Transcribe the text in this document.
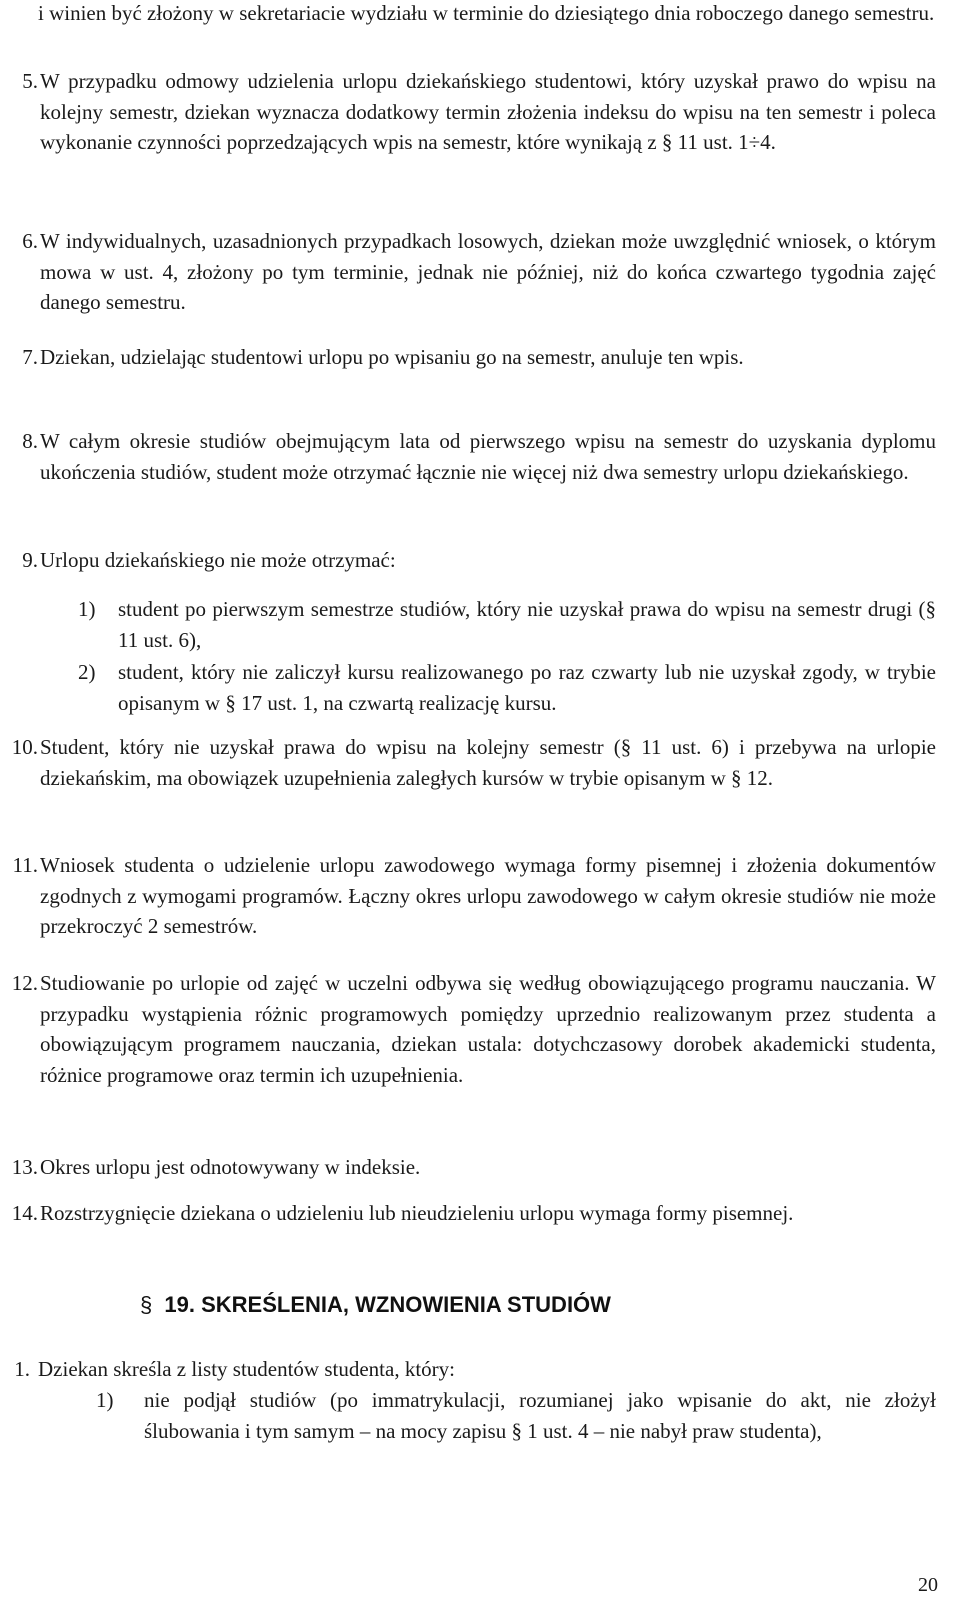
i winien być złożony w sekretariacie wydziału w terminie do dziesiątego dnia roboczego danego semestru.
5. W przypadku odmowy udzielenia urlopu dziekańskiego studentowi, który uzyskał prawo do wpisu na kolejny semestr, dziekan wyznacza dodatkowy termin złożenia indeksu do wpisu na ten semestr i poleca wykonanie czynności poprzedzających wpis na semestr, które wynikają z § 11 ust. 1÷4.
6. W indywidualnych, uzasadnionych przypadkach losowych, dziekan może uwzględnić wniosek, o którym mowa w ust. 4, złożony po tym terminie, jednak nie później, niż do końca czwartego tygodnia zajęć danego semestru.
7. Dziekan, udzielając studentowi urlopu po wpisaniu go na semestr, anuluje ten wpis.
8. W całym okresie studiów obejmującym lata od pierwszego wpisu na semestr do uzyskania dyplomu ukończenia studiów, student może otrzymać łącznie nie więcej niż dwa semestry urlopu dziekańskiego.
9. Urlopu dziekańskiego nie może otrzymać:
1)	student po pierwszym semestrze studiów, który nie uzyskał prawa do wpisu na semestr drugi (§ 11 ust. 6),
2)	student, który nie zaliczył kursu realizowanego po raz czwarty lub nie uzyskał zgody, w trybie opisanym w § 17 ust. 1, na czwartą realizację kursu.
10. Student, który nie uzyskał prawa do wpisu na kolejny semestr (§ 11 ust. 6) i przebywa na urlopie dziekańskim, ma obowiązek uzupełnienia zaległych kursów w trybie opisanym w § 12.
11. Wniosek studenta o udzielenie urlopu zawodowego wymaga formy pisemnej i złożenia dokumentów zgodnych z wymogami programów. Łączny okres urlopu zawodowego w całym okresie studiów nie może przekroczyć 2 semestrów.
12. Studiowanie po urlopie od zajęć w uczelni odbywa się według obowiązującego programu nauczania. W przypadku wystąpienia różnic programowych pomiędzy uprzednio realizowanym przez studenta a obowiązującym programem nauczania, dziekan ustala: dotychczasowy dorobek akademicki studenta, różnice programowe oraz termin ich uzupełnienia.
13. Okres urlopu jest odnotowywany w indeksie.
14. Rozstrzygnięcie dziekana o udzieleniu lub nieudzieleniu urlopu wymaga formy pisemnej.
§ 19. SKREŚLENIA, WZNOWIENIA STUDIÓW
1. Dziekan skreśla z listy studentów studenta, który:
1)	nie podjął studiów (po immatrykulacji, rozumianej jako wpisanie do akt, nie złożył ślubowania i tym samym – na mocy zapisu § 1 ust. 4 – nie nabył praw studenta),
20
